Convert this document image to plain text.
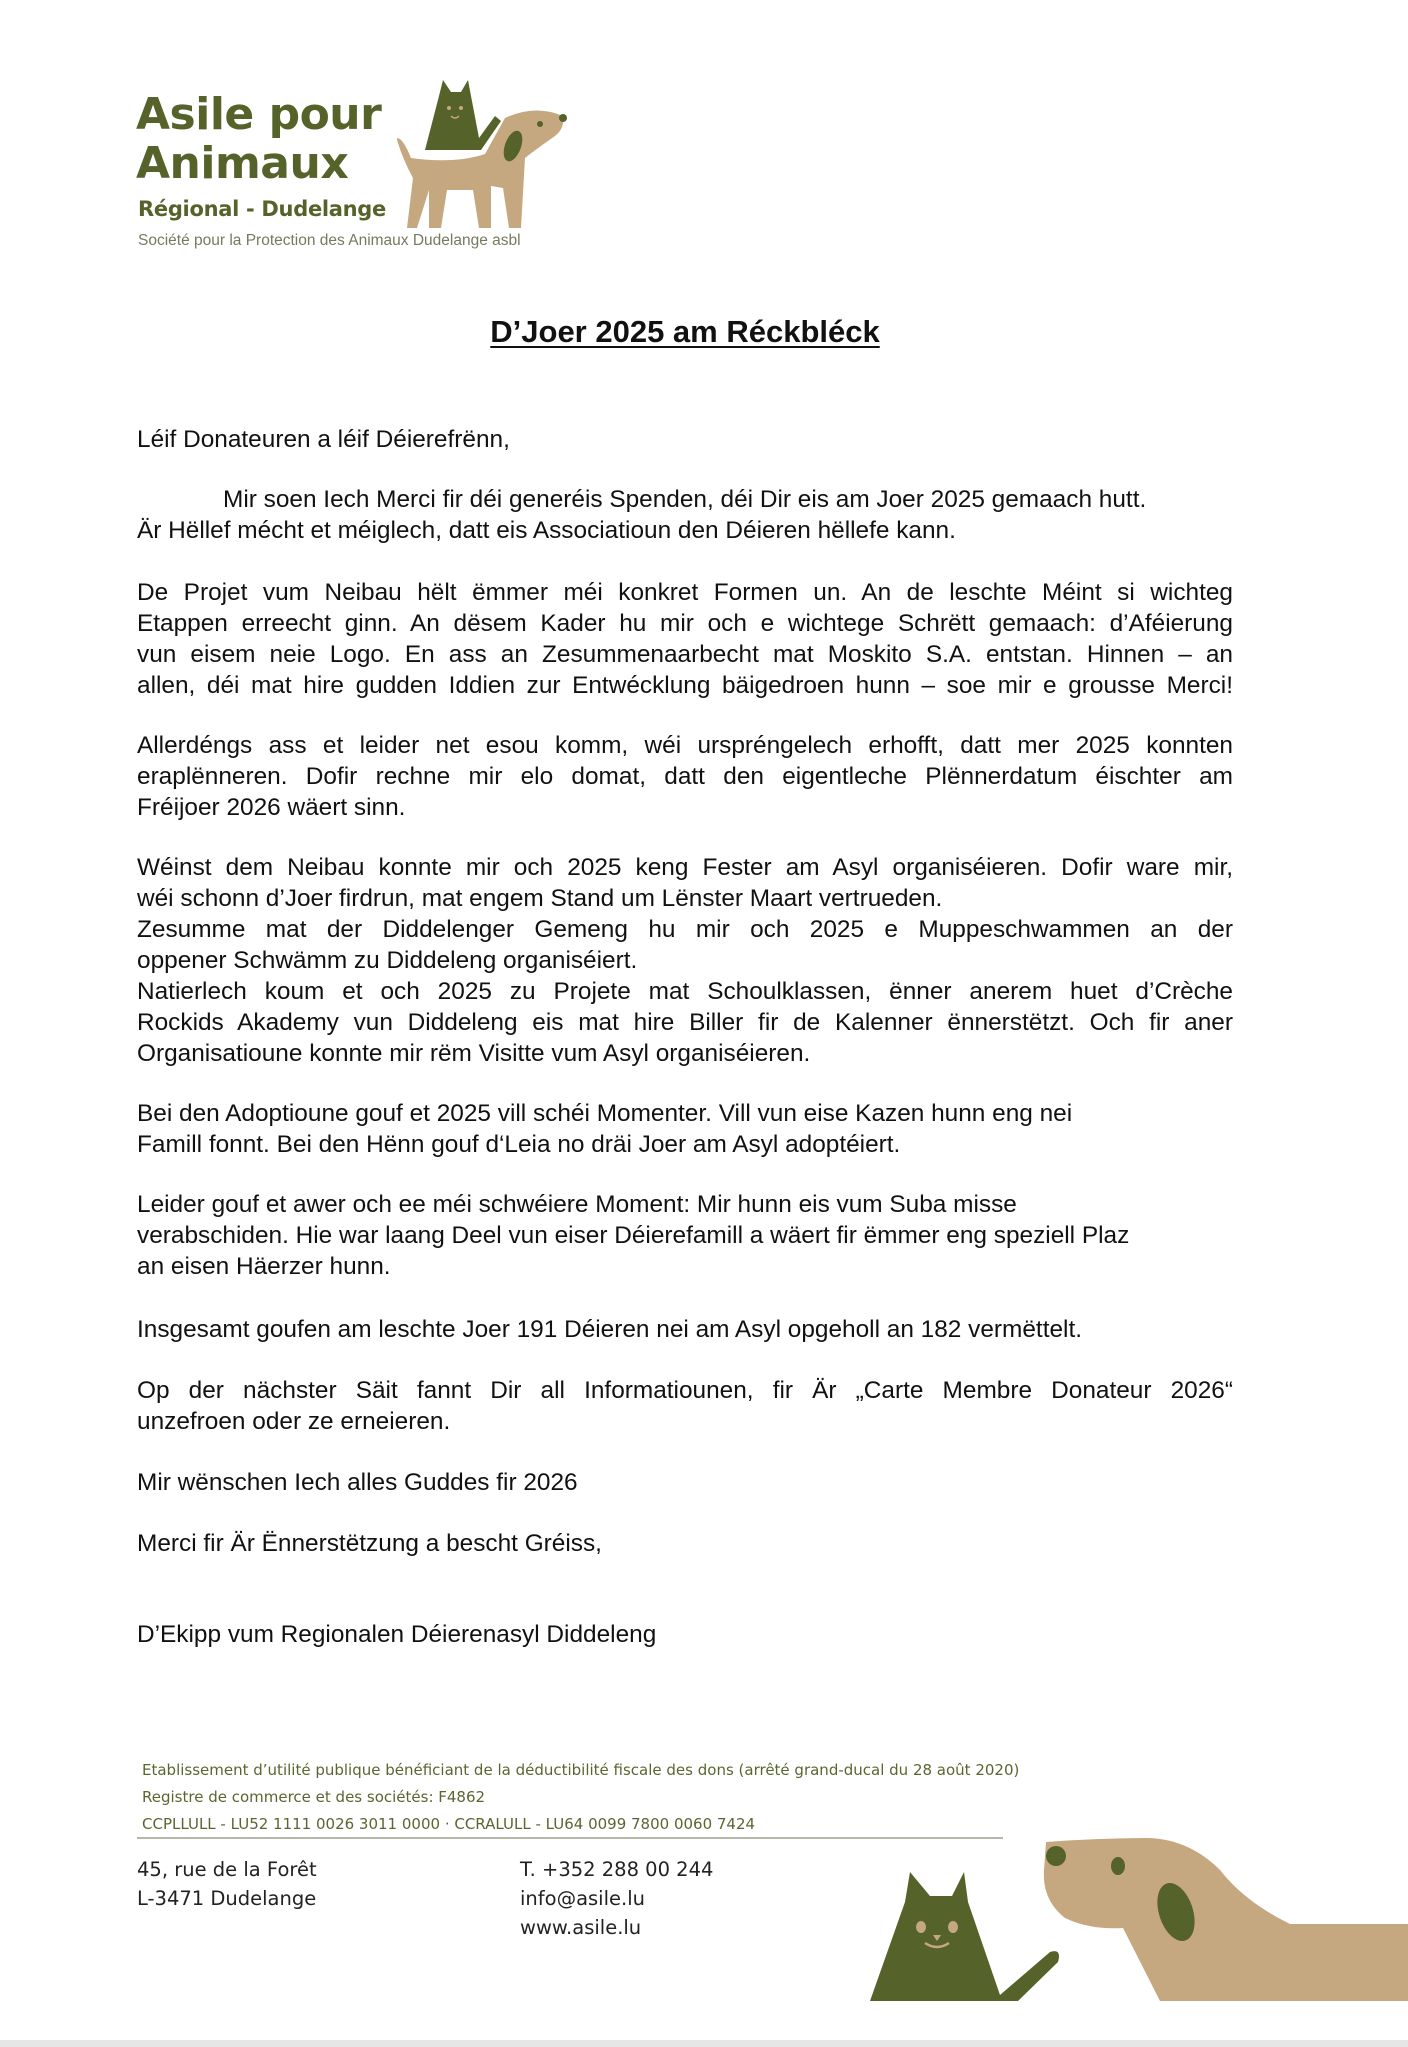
Asile pour
Animaux
Régional - Dudelange
Société pour la Protection des Animaux Dudelange asbl
D’Joer 2025 am Réckbléck

Léif Donateuren a léif Déierefrënn,

Mir soen Iech Merci fir déi generéis Spenden, déi Dir eis am Joer 2025 gemaach hutt.
Är Hëllef mécht et méiglech, datt eis Associatioun den Déieren hëllefe kann.
De Projet vum Neibau hëlt ëmmer méi konkret Formen un. An de leschte Méint si wichteg
Etappen erreecht ginn. An dësem Kader hu mir och e wichtege Schrëtt gemaach: d’Aféierung
vun eisem neie Logo. En ass an Zesummenaarbecht mat Moskito S.A. entstan. Hinnen – an
allen, déi mat hire gudden Iddien zur Entwécklung bäigedroen hunn – soe mir e grousse Merci!
Allerdéngs ass et leider net esou komm, wéi urspréngelech erhofft, datt mer 2025 konnten
eraplënneren. Dofir rechne mir elo domat, datt den eigentleche Plënnerdatum éischter am
Fréijoer 2026 wäert sinn.
Wéinst dem Neibau konnte mir och 2025 keng Fester am Asyl organiséieren. Dofir ware mir,
wéi schonn d’Joer firdrun, mat engem Stand um Lënster Maart vertrueden.
Zesumme mat der Diddelenger Gemeng hu mir och 2025 e Muppeschwammen an der
oppener Schwämm zu Diddeleng organiséiert.
Natierlech koum et och 2025 zu Projete mat Schoulklassen, ënner anerem huet d’Crèche
Rockids Akademy vun Diddeleng eis mat hire Biller fir de Kalenner ënnerstëtzt. Och fir aner
Organisatioune konnte mir rëm Visitte vum Asyl organiséieren.
Bei den Adoptioune gouf et 2025 vill schéi Momenter. Vill vun eise Kazen hunn eng nei
Famill fonnt. Bei den Hënn gouf d‘Leia no dräi Joer am Asyl adoptéiert.
Leider gouf et awer och ee méi schwéiere Moment: Mir hunn eis vum Suba misse
verabschiden. Hie war laang Deel vun eiser Déierefamill a wäert fir ëmmer eng speziell Plaz
an eisen Häerzer hunn.
Insgesamt goufen am leschte Joer 191 Déieren nei am Asyl opgeholl an 182 vermëttelt.
Op der nächster Säit fannt Dir all Informatiounen, fir Är „Carte Membre Donateur 2026“
unzefroen oder ze erneieren.
Mir wënschen Iech alles Guddes fir 2026
Merci fir Är Ënnerstëtzung a bescht Gréiss,

D’Ekipp vum Regionalen Déierenasyl Diddeleng

Etablissement d’utilité publique bénéficiant de la déductibilité fiscale des dons (arrêté grand-ducal du 28 août 2020)
Registre de commerce et des sociétés: F4862
CCPLLULL - LU52 1111 0026 3011 0000 · CCRALULL - LU64 0099 7800 0060 7424
45, rue de la Forêt
L-3471 Dudelange
T. +352 288 00 244
info@asile.lu
www.asile.lu
